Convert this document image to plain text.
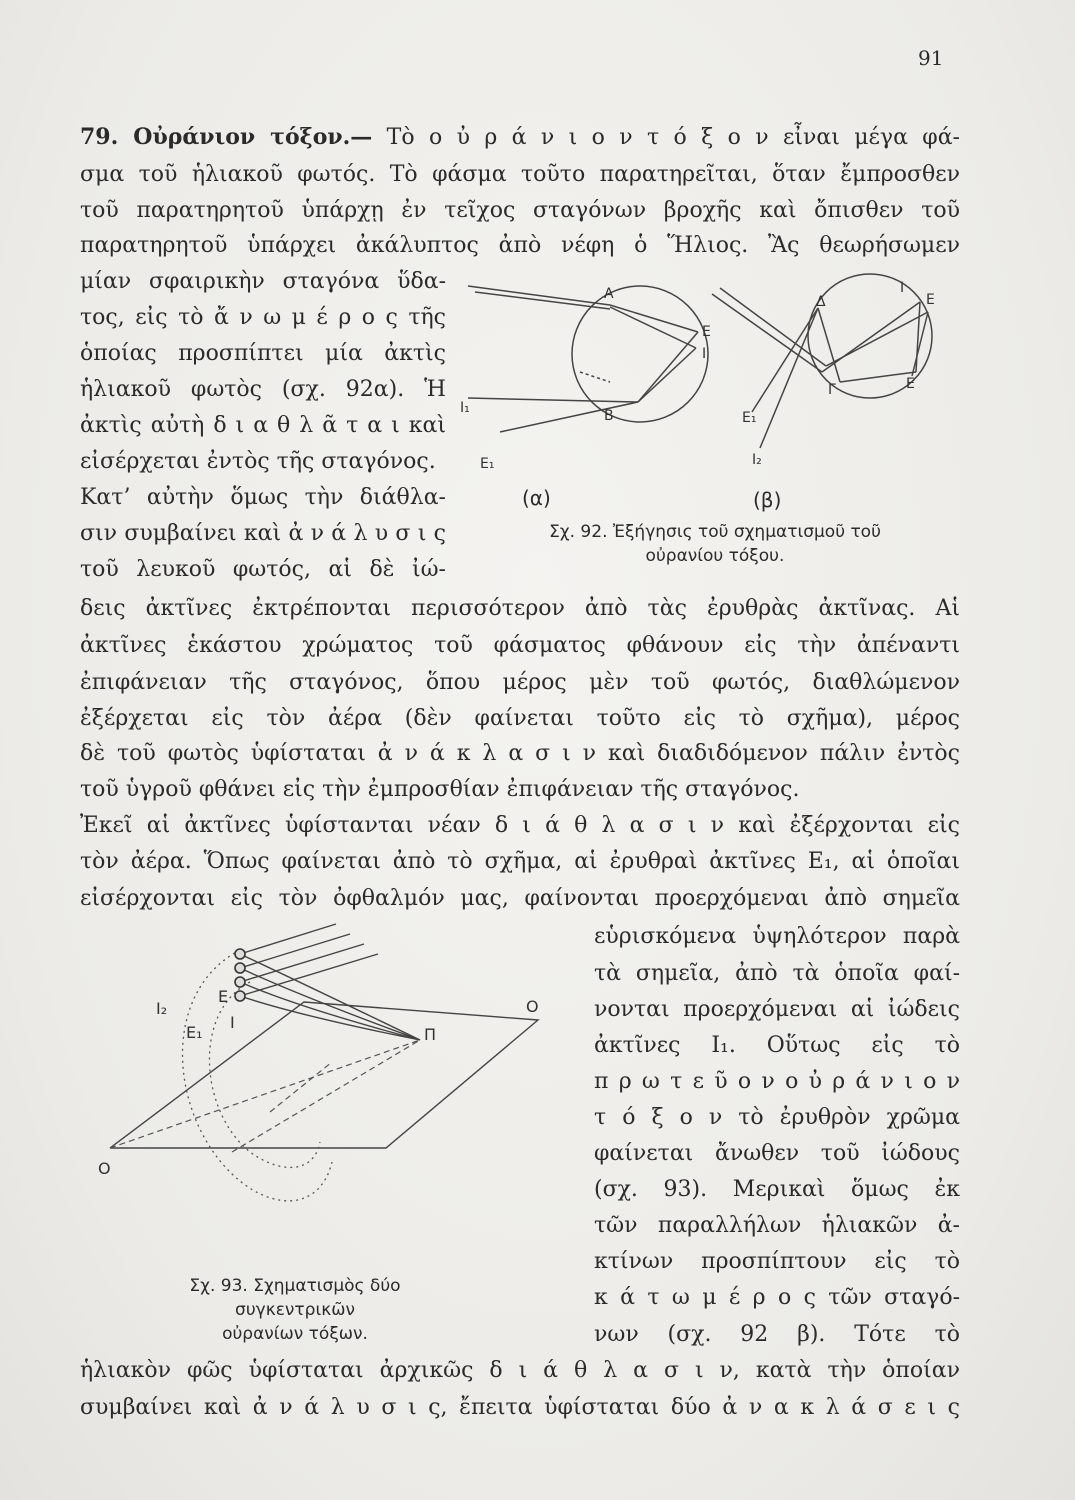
91
79. Οὐράνιον τόξον.— Τὸ ο ὐ ρ ά ν ι ο ν τ ό ξ ο ν εἶναι μέγα φά-
σμα τοῦ ἡλιακοῦ φωτός. Τὸ φάσμα τοῦτο παρατηρεῖται, ὅταν ἔμπροσθεν
τοῦ παρατηρητοῦ ὑπάρχῃ ἐν τεῖχος σταγόνων βροχῆς καὶ ὄπισθεν τοῦ
παρατηρητοῦ ὑπάρχει ἀκάλυπτος ἀπὸ νέφη ὁ Ἥλιος. Ἂς θεωρήσωμεν
μίαν σφαιρικὴν σταγόνα ὕδα-
τος, εἰς τὸ ἄ ν ω μ έ ρ ο ς τῆς
ὁποίας προσπίπτει μία ἀκτὶς
ἡλιακοῦ φωτὸς (σχ. 92α). Ἡ
ἀκτὶς αὐτὴ δ ι α θ λ ᾶ τ α ι καὶ
εἰσέρχεται ἐντὸς τῆς σταγόνος.
Κατ’ αὐτὴν ὅμως τὴν διάθλα-
σιν συμβαίνει καὶ ἀ ν ά λ υ σ ι ς
τοῦ λευκοῦ φωτός, αἱ δὲ ἰώ-
Α
Ε
Ι
Β
Ι₁
Ε₁
Δ
Ι
Ε
Γ	Ε
Ε₁
Ι₂
(α)	(β)
Σχ. 92. Ἐξήγησις τοῦ σχηματισμοῦ τοῦ
οὐρανίου τόξου.
δεις ἀκτῖνες ἐκτρέπονται περισσότερον ἀπὸ τὰς ἐρυθρὰς ἀκτῖνας. Αἱ
ἀκτῖνες ἑκάστου χρώματος τοῦ φάσματος φθάνουν εἰς τὴν ἀπέναντι
ἐπιφάνειαν τῆς σταγόνος, ὅπου μέρος μὲν τοῦ φωτός, διαθλώμενον
ἐξέρχεται εἰς τὸν ἀέρα (δὲν φαίνεται τοῦτο εἰς τὸ σχῆμα), μέρος
δὲ τοῦ φωτὸς ὑφίσταται ἀ ν ά κ λ α σ ι ν καὶ διαδιδόμενον πάλιν ἐντὸς
τοῦ ὑγροῦ φθάνει εἰς τὴν ἐμπροσθίαν ἐπιφάνειαν τῆς σταγόνος.
Ἐκεῖ αἱ ἀκτῖνες ὑφίστανται νέαν δ ι ά θ λ α σ ι ν καὶ ἐξέρχονται εἰς
τὸν ἀέρα. Ὅπως φαίνεται ἀπὸ τὸ σχῆμα, αἱ ἐρυθραὶ ἀκτῖνες Ε₁, αἱ ὁποῖαι
εἰσέρχονται εἰς τὸν ὀφθαλμόν μας, φαίνονται προερχόμεναι ἀπὸ σημεῖα
εὑρισκόμενα ὑψηλότερον παρὰ
τὰ σημεῖα, ἀπὸ τὰ ὁποῖα φαί-
νονται προερχόμεναι αἱ ἰώδεις
ἀκτῖνες Ι₁. Οὕτως εἰς τὸ
π ρ ω τ ε ῦ ο ν ο ὐ ρ ά ν ι ο ν
τ ό ξ ο ν τὸ ἐρυθρὸν χρῶμα
φαίνεται ἄνωθεν τοῦ ἰώδους
(σχ. 93). Μερικαὶ ὅμως ἐκ
τῶν παραλλήλων ἡλιακῶν ἀ-
κτίνων προσπίπτουν εἰς τὸ
κ ά τ ω μ έ ρ ο ς τῶν σταγό-
νων (σχ. 92 β). Τότε τὸ
Ο
Ι₂
Ε
Ε₁
Ι
Π
Ο
Σχ. 93. Σχηματισμὸς δύο συγκεντρικῶν
οὐρανίων τόξων.
ἡλιακὸν φῶς ὑφίσταται ἀρχικῶς δ ι ά θ λ α σ ι ν, κατὰ τὴν ὁποίαν
συμβαίνει καὶ ἀ ν ά λ υ σ ι ς, ἔπειτα ὑφίσταται δύο ἀ ν α κ λ ά σ ε ι ς
